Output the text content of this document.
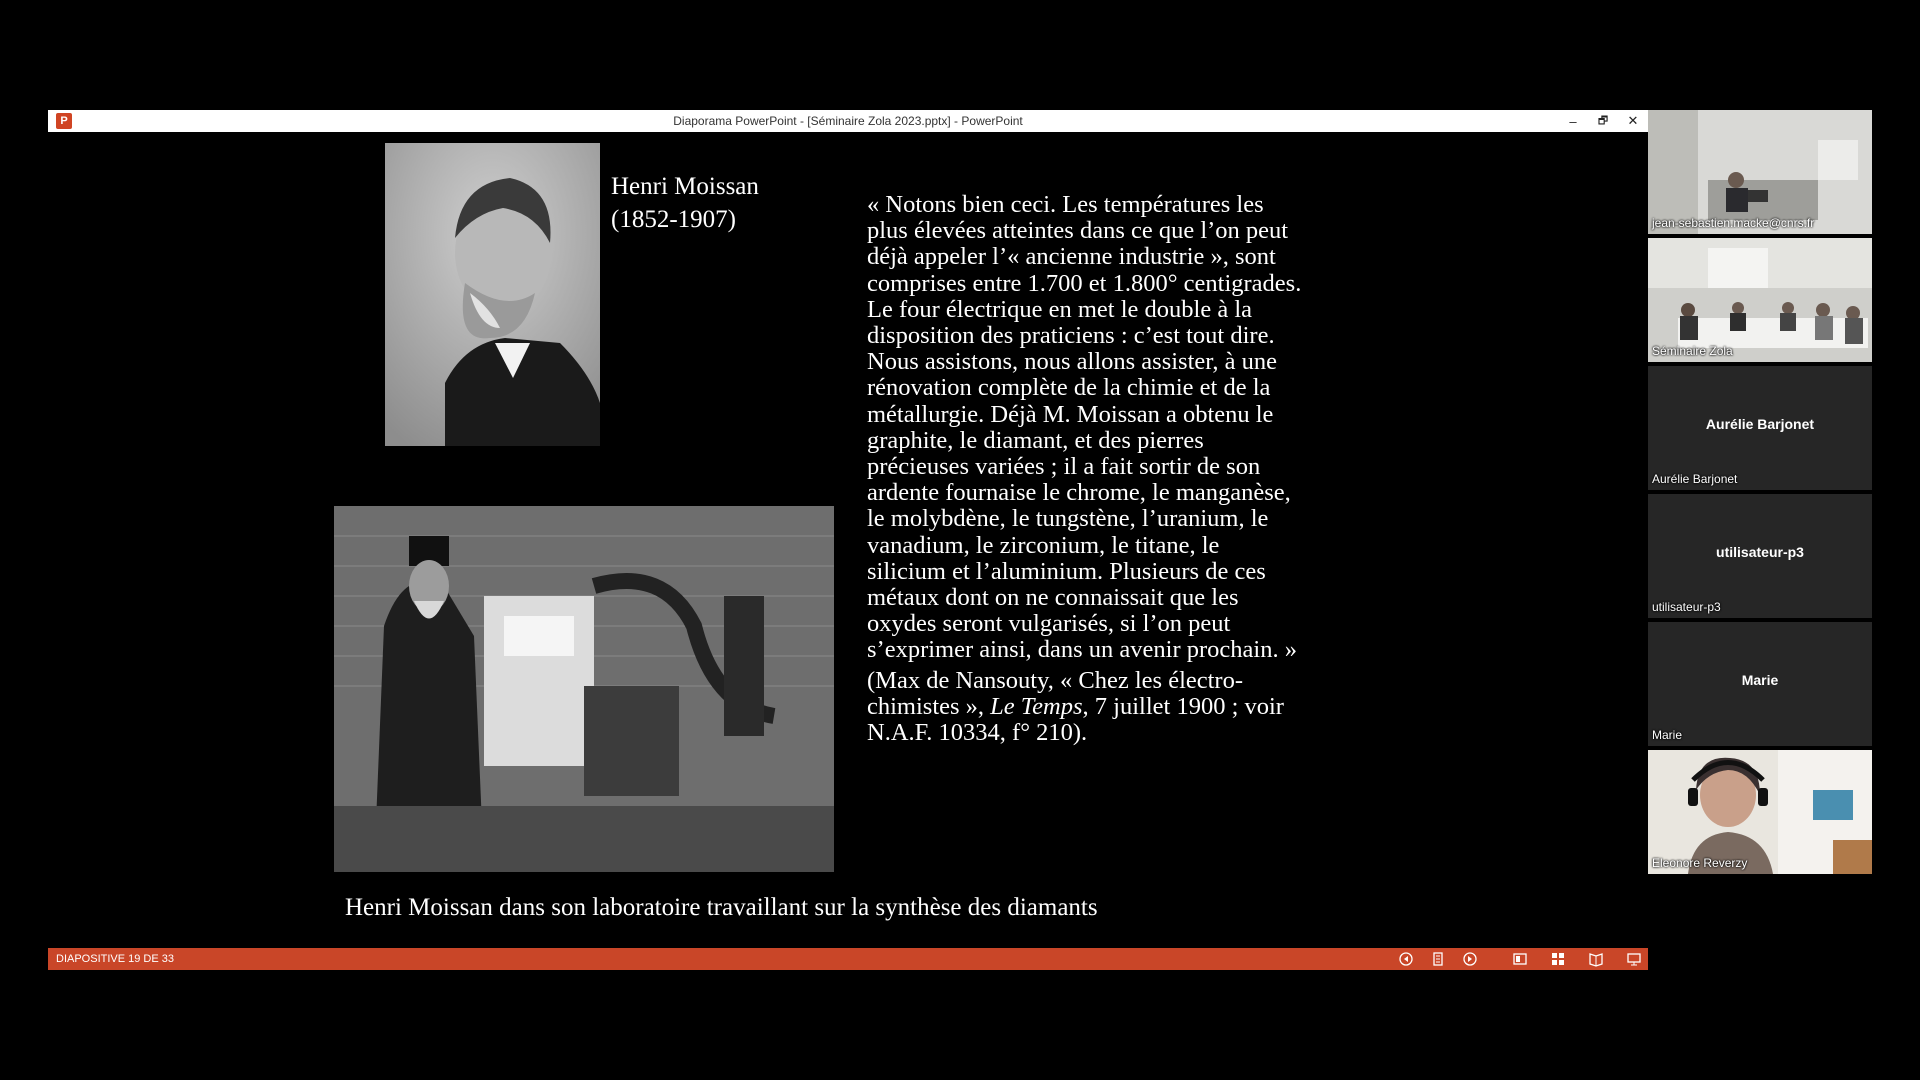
P	Diaporama PowerPoint - [Séminaire Zola 2023.pptx] - PowerPoint	–	🗗	✕
Henri Moissan
(1852-1907)
« Notons bien ceci. Les températures les
plus élevées atteintes dans ce que l’on peut
déjà appeler l’« ancienne industrie », sont
comprises entre 1.700 et 1.800° centigrades.
Le four électrique en met le double à la
disposition des praticiens : c’est tout dire.
Nous assistons, nous allons assister, à une
rénovation complète de la chimie et de la
métallurgie. Déjà M. Moissan a obtenu le
graphite, le diamant, et des pierres
précieuses variées ; il a fait sortir de son
ardente fournaise le chrome, le manganèse,
le molybdène, le tungstène, l’uranium, le
vanadium, le zirconium, le titane, le
silicium et l’aluminium. Plusieurs de ces
métaux dont on ne connaissait que les
oxydes seront vulgarisés, si l’on peut
s’exprimer ainsi, dans un avenir prochain. »
(Max de Nansouty, « Chez les électro-
chimistes », Le Temps, 7 juillet 1900 ; voir
N.A.F. 10334, f° 210).
Henri Moissan dans son laboratoire travaillant sur la synthèse des diamants
DIAPOSITIVE 19 DE 33
jean-sebastien.macke@cnrs.fr
Séminaire Zola
Aurélie Barjonet
Aurélie Barjonet
utilisateur-p3
utilisateur-p3
Marie
Marie
Eleonore Reverzy
